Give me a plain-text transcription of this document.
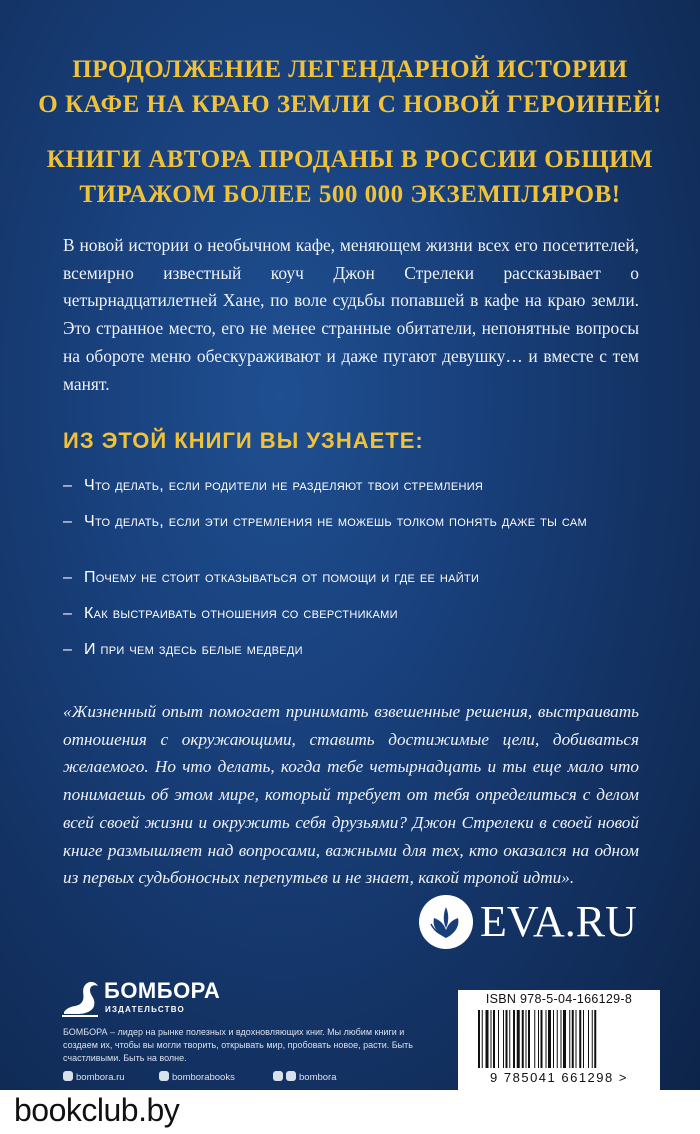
ПРОДОЛЖЕНИЕ ЛЕГЕНДАРНОЙ ИСТОРИИ
О КАФЕ НА КРАЮ ЗЕМЛИ С НОВОЙ ГЕРОИНЕЙ!
КНИГИ АВТОРА ПРОДАНЫ В РОССИИ ОБЩИМ
ТИРАЖОМ БОЛЕЕ 500 000 ЭКЗЕМПЛЯРОВ!

В новой истории о необычном кафе, меняющем жизни всех его посетителей, всемирно известный коуч Джон Стрелеки рассказывает о четырнадцатилетней Хане, по воле судьбы попавшей в кафе на краю земли. Это странное место, его не менее странные обитатели, непонятные вопросы на обороте меню обескураживают и даже пугают девушку… и вместе с тем манят.

ИЗ ЭТОЙ КНИГИ ВЫ УЗНАЕТЕ:
– Что делать, если родители не разделяют твои стремления
– Что делать, если эти стремления не можешь толком понять даже ты сам
– Почему не стоит отказываться от помощи и где ее найти
– Как выстраивать отношения со сверстниками
– И при чем здесь белые медведи

«Жизненный опыт помогает принимать взвешенные решения, выстраивать отношения с окружающими, ставить достижимые цели, добиваться желаемого. Но что делать, когда тебе четырнадцать и ты еще мало что понимаешь об этом мире, который требует от тебя определиться с делом всей своей жизни и окружить себя друзьями? Джон Стрелеки в своей новой книге размышляет над вопросами, важными для тех, кто оказался на одном из первых судьбоносных перепутьев и не знает, какой тропой идти».

EVA.RU
БОМБОРА
ИЗДАТЕЛЬСТВО

БОМБОРА – лидер на рынке полезных и вдохновляющих книг. Мы любим книги и создаем их, чтобы вы могли творить, открывать мир, пробовать новое, расти. Быть счастливыми. Быть на волне.

bombora.ru	bomborabooks	bombora
ISBN 978-5-04-166129-8
9 785041 661298 >
bookclub.by
